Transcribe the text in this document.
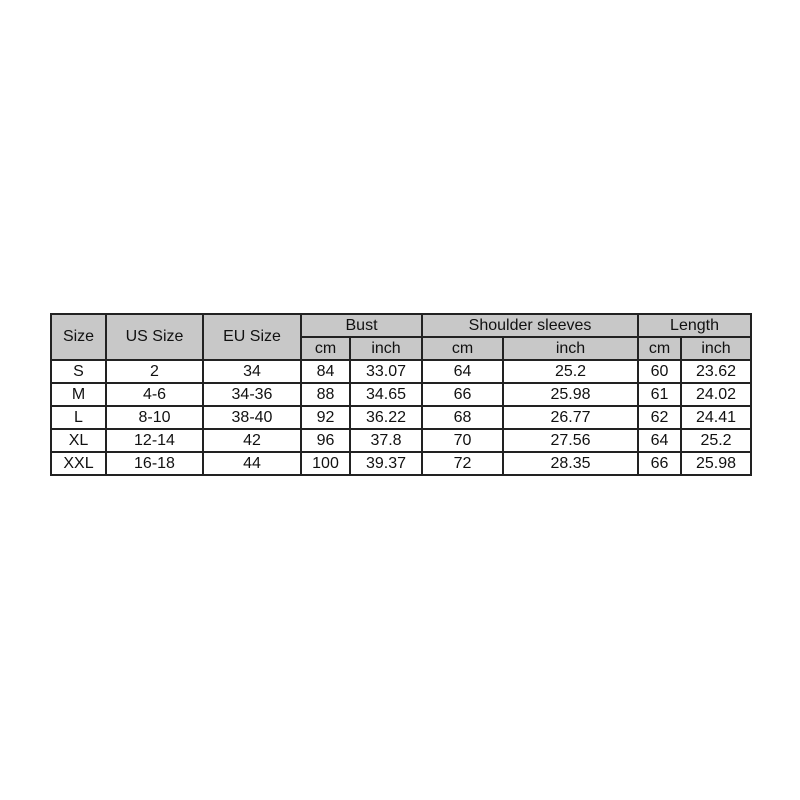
Size	US Size	EU Size	Bust		Shoulder sleeves		Length	
			cm	inch	cm	inch	cm	inch
S	2	34	84	33.07	64	25.2	60	23.62
M	4-6	34-36	88	34.65	66	25.98	61	24.02
L	8-10	38-40	92	36.22	68	26.77	62	24.41
XL	12-14	42	96	37.8	70	27.56	64	25.2
XXL	16-18	44	100	39.37	72	28.35	66	25.98
